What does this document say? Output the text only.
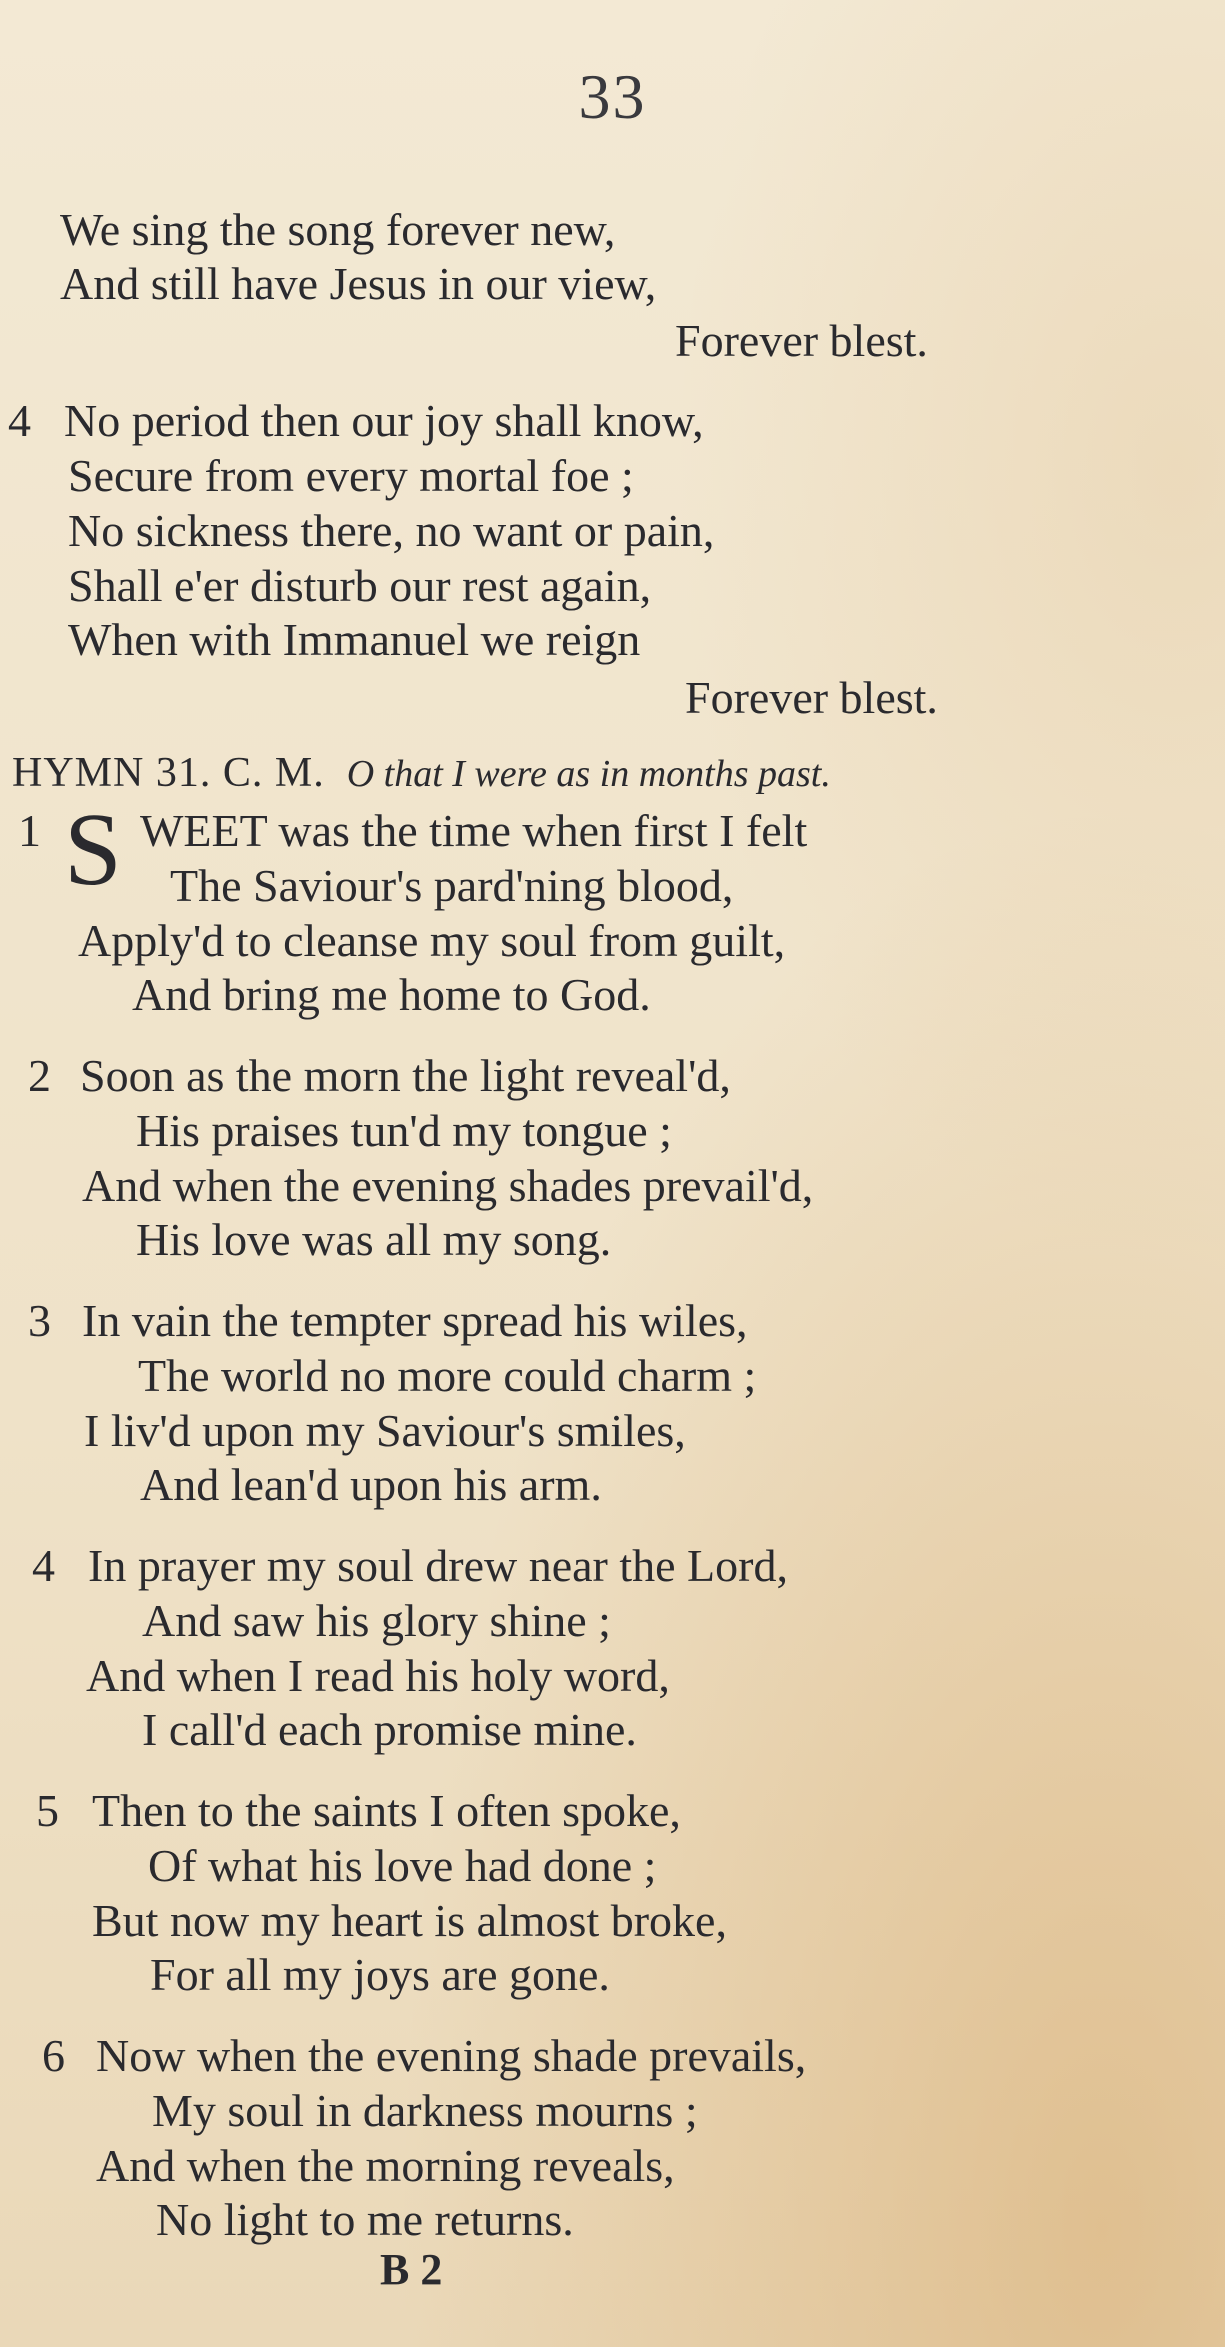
33
We sing the song forever new,
And still have Jesus in our view,
Forever blest.
4 No period then our joy shall know,
Secure from every mortal foe ;
No sickness there, no want or pain,
Shall e'er disturb our rest again,
When with Immanuel we reign
Forever blest.
HYMN 31. C. M. O that I were as in months past.
1 S WEET was the time when first I felt
The Saviour's pard'ning blood,
Apply'd to cleanse my soul from guilt,
And bring me home to God.
2 Soon as the morn the light reveal'd,
His praises tun'd my tongue ;
And when the evening shades prevail'd,
His love was all my song.
3 In vain the tempter spread his wiles,
The world no more could charm ;
I liv'd upon my Saviour's smiles,
And lean'd upon his arm.
4 In prayer my soul drew near the Lord,
And saw his glory shine ;
And when I read his holy word,
I call'd each promise mine.
5 Then to the saints I often spoke,
Of what his love had done ;
But now my heart is almost broke,
For all my joys are gone.
6 Now when the evening shade prevails,
My soul in darkness mourns ;
And when the morning reveals,
No light to me returns.
B 2
